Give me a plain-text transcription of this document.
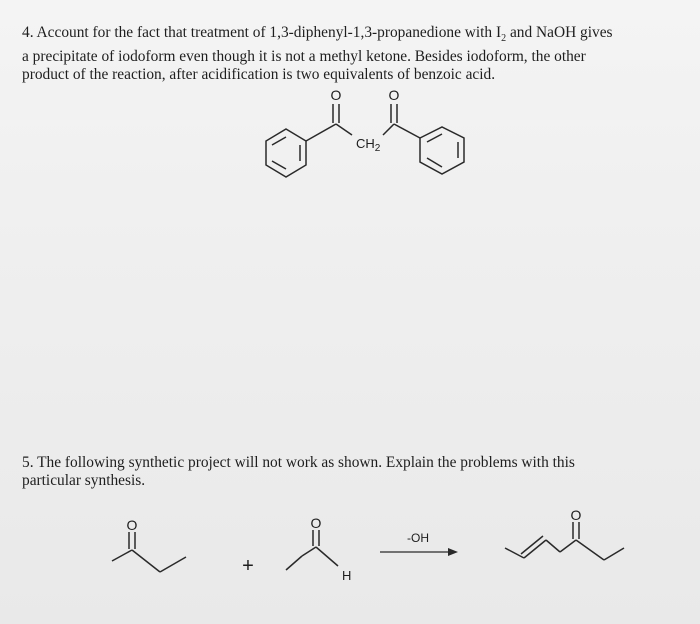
4. Account for the fact that treatment of 1,3-diphenyl-1,3-propanedione with $I_2$ and NaOH gives

a precipitate of iodoform even though it is not a methyl ketone. Besides iodoform, the other

product of the reaction, after acidification is two equivalents of benzoic acid.

O	O
$CH_2$
O
+
O
H
-OH
O

5. The following synthetic project will not work as shown. Explain the problems with this

particular synthesis.
